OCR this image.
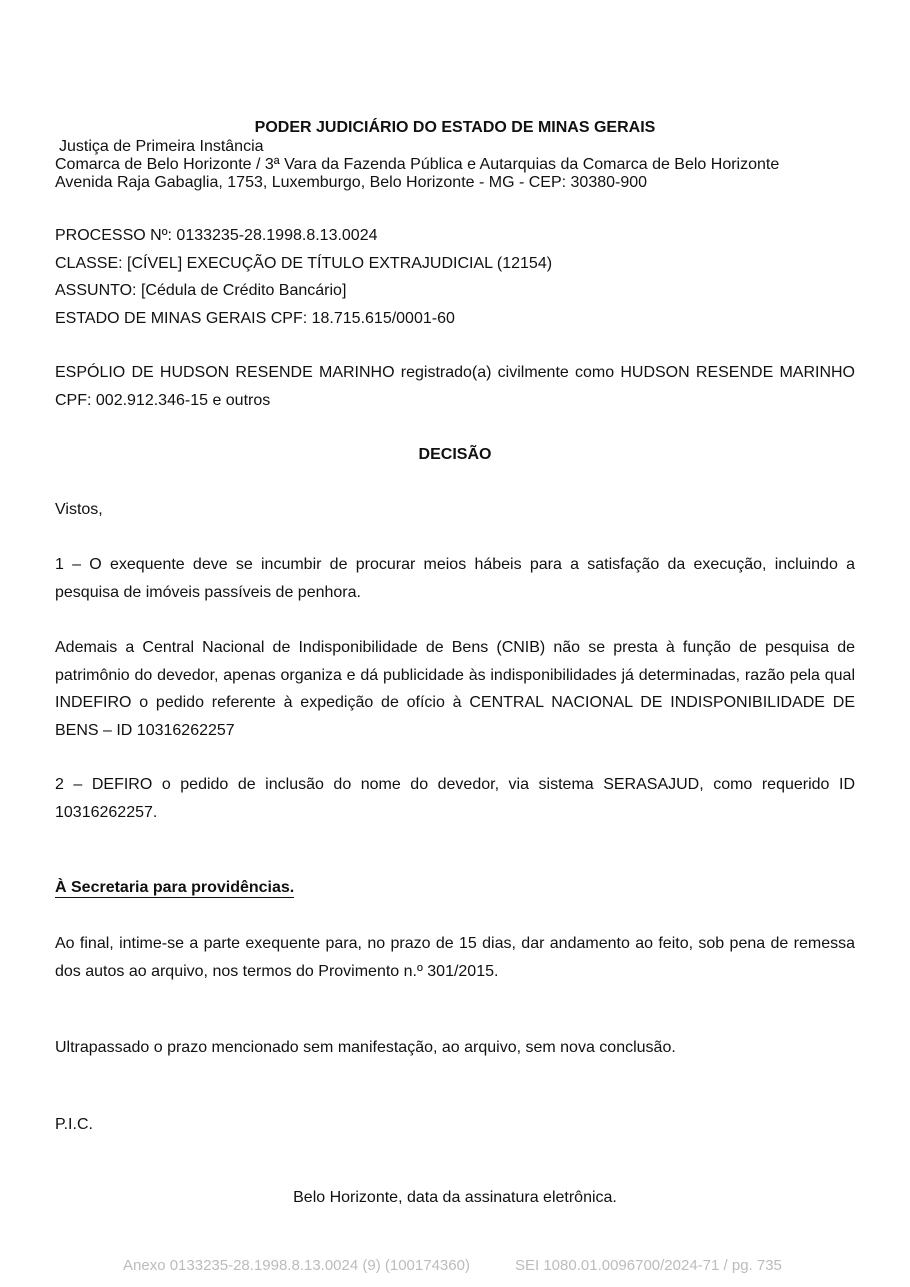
PODER JUDICIÁRIO DO ESTADO DE MINAS GERAIS
Justiça de Primeira Instância
Comarca de Belo Horizonte / 3ª Vara da Fazenda Pública e Autarquias da Comarca de Belo Horizonte
Avenida Raja Gabaglia, 1753, Luxemburgo, Belo Horizonte - MG - CEP: 30380-900
PROCESSO Nº: 0133235-28.1998.8.13.0024
CLASSE: [CÍVEL] EXECUÇÃO DE TÍTULO EXTRAJUDICIAL (12154)
ASSUNTO: [Cédula de Crédito Bancário]
ESTADO DE MINAS GERAIS CPF: 18.715.615/0001-60

ESPÓLIO DE HUDSON RESENDE MARINHO registrado(a) civilmente como HUDSON RESENDE MARINHO CPF: 002.912.346-15 e outros

DECISÃO

Vistos,

1 – O exequente deve se incumbir de procurar meios hábeis para a satisfação da execução, incluindo a pesquisa de imóveis passíveis de penhora.

Ademais a Central Nacional de Indisponibilidade de Bens (CNIB) não se presta à função de pesquisa de patrimônio do devedor, apenas organiza e dá publicidade às indisponibilidades já determinadas, razão pela qual INDEFIRO o pedido referente à expedição de ofício à CENTRAL NACIONAL DE INDISPONIBILIDADE DE BENS – ID 10316262257

2 – DEFIRO o pedido de inclusão do nome do devedor, via sistema SERASAJUD, como requerido ID 10316262257.

À Secretaria para providências.

Ao final, intime-se a parte exequente para, no prazo de 15 dias, dar andamento ao feito, sob pena de remessa dos autos ao arquivo, nos termos do Provimento n.º 301/2015.

Ultrapassado o prazo mencionado sem manifestação, ao arquivo, sem nova conclusão.

P.I.C.

Belo Horizonte, data da assinatura eletrônica.

Anexo 0133235-28.1998.8.13.0024 (9) (100174360)	SEI 1080.01.0096700/2024-71 / pg. 735
